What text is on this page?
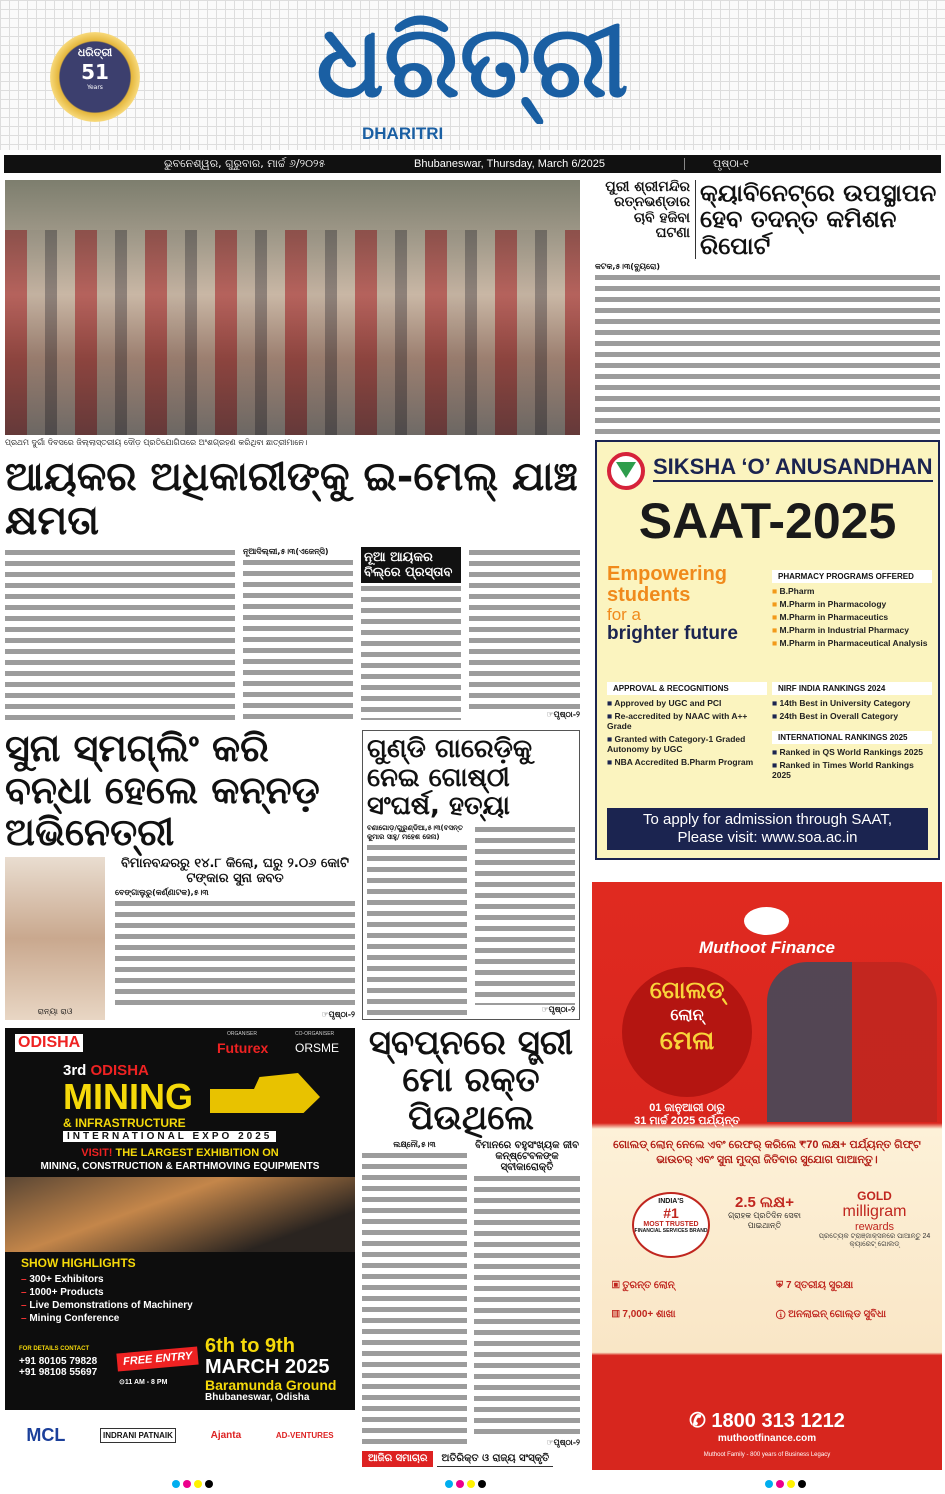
ଧରିତ୍ରୀ
51
Years	ଧରିତ୍ରୀ
DHARITRI
ଭୁବନେଶ୍ୱର, ଗୁରୁବାର, ମାର୍ଚ୍ଚ ୬/୨୦୨୫	Bhubaneswar, Thursday, March 6/2025	ପୃଷ୍ଠା-୧
ପ୍ରଥମ ଦୁର୍ଗା ଦିବସରେ ଜିଲ୍ଲାସ୍ତରୀୟ ଦୌଡ଼ ପ୍ରତିଯୋଗିତାରେ ଅଂଶଗ୍ରହଣ କରିଥିବା ଛାତ୍ରୀମାନେ।
ପୁରୀ ଶ୍ରୀମନ୍ଦିର ରତ୍ନଭଣ୍ଡାର ଚାବି ହଜିବା ଘଟଣା
କ୍ୟାବିନେଟ୍‌ରେ ଉପସ୍ଥାପନ ହେବ ତଦନ୍ତ କମିଶନ ରିପୋର୍ଟ
କଟକ,୫।୩(ବ୍ୟୁରୋ)
ଆୟକର ଅଧିକାରୀଙ୍କୁ ଇ-ମେଲ୍ ଯାଞ୍ଚ କ୍ଷମତା
ନୂଆଦିଲ୍ଲୀ,୫।୩(ଏଜେନ୍ସି)	ନୂଆ ଆୟକର ବିଲ୍‌ରେ ପ୍ରସ୍ତାବ
☞ପୃଷ୍ଠା-୨
ସୁନା ସ୍ମଗ୍‌ଲିଂ କରି ବନ୍ଧା ହେଲେ କନ୍ନଡ଼ ଅଭିନେତ୍ରୀ
ରାନ୍ୟା ରାଓ
ବିମାନବନ୍ଦରରୁ ୧୪.୮ କିଲୋ, ଘରୁ ୨.୦୬ କୋଟି ଟଙ୍କାର ସୁନା ଜବତ
ବେଙ୍ଗାଲୁରୁ(କର୍ଣ୍ଣାଟକ),୫।୩
☞ପୃଷ୍ଠା-୨
ଗୁଣ୍ଡି ଗାରେଡ଼ିକୁ ନେଇ ଗୋଷ୍ଠୀ ସଂଘର୍ଷ, ହତ୍ୟା
ବଣାଗୋଡ଼/ଗୁରୁଣ୍ଡିଆ,୫।୩(ବସନ୍ତ କୁମାର ସାହୁ/ ମହେଶ ଜେନା)
☞ପୃଷ୍ଠା-୨
SIKSHA ‘O’ ANUSANDHAN
SAAT-2025
Empowering
students
for a
brighter future
PHARMACY PROGRAMS OFFERED
■ B.Pharm
■ M.Pharm in Pharmacology
■ M.Pharm in Pharmaceutics
■ M.Pharm in Industrial Pharmacy
■ M.Pharm in Pharmaceutical Analysis
APPROVAL & RECOGNITIONS
■ Approved by UGC and PCI
■ Re-accredited by NAAC with A++ Grade
■ Granted with Category-1 Graded Autonomy by UGC
■ NBA Accredited B.Pharm Program
NIRF INDIA RANKINGS 2024
■ 14th Best in University Category
■ 24th Best in Overall Category
INTERNATIONAL RANKINGS 2025
■ Ranked in QS World Rankings 2025
■ Ranked in Times World Rankings 2025
To apply for admission through SAAT,
Please visit: www.soa.ac.in
Muthoot Finance
ଗୋଲଡ୍
ଲୋନ୍
ମେଳା
01 ଜାନୁଆରୀ ଠାରୁ
31 ମାର୍ଚ୍ଚ 2025 ପର୍ଯ୍ୟନ୍ତ
ଗୋଲଡ୍ ଲୋନ୍ ନେଲେ ଏବଂ ରେଫର୍ କରିଲେ ₹70 ଲକ୍ଷ+ ପର୍ଯ୍ୟନ୍ତ ଗିଫ୍ଟ ଭାଉଚର୍ ଏବଂ ସୁନା ମୁଦ୍ରା ଜିତିବାର ସୁଯୋଗ ପାଆନ୍ତୁ।
INDIA'S
#1
MOST TRUSTED
FINANCIAL SERVICES BRAND
2.5 ଲକ୍ଷ+
ଗ୍ରାହକ ପ୍ରତିଦିନ ସେବା ପାଇଥାନ୍ତି
GOLD
milligram
rewards
ପ୍ରତ୍ୟେକ ଟ୍ରାଞ୍ଜାକ୍ସନରେ ପାଆନ୍ତୁ 24 କ୍ୟାରେଟ୍ ଗୋଲଡ୍
▣ ତୁରନ୍ତ ଲୋନ୍	⛨ 7 ସ୍ତରୀୟ ସୁରକ୍ଷା
▥ 7,000+ ଶାଖା	ⓘ ଅନଲାଇନ୍ ଗୋଲ୍ଡ ସୁବିଧା
✆ 1800 313 1212
muthootfinance.com
Muthoot Family - 800 years of Business Legacy
ODISHA	ORGANISER
Futurex
CO-ORGANISER
ORSME
3rd ODISHA
MINING
& INFRASTRUCTURE
INTERNATIONAL EXPO 2025
VISIT! THE LARGEST EXHIBITION ON
MINING, CONSTRUCTION & EARTHMOVING EQUIPMENTS
SHOW HIGHLIGHTS
– 300+ Exhibitors
– 1000+ Products
– Live Demonstrations of Machinery
– Mining Conference
FOR DETAILS CONTACT
+91 80105 79828
+91 98108 55697
FREE ENTRY
⊙11 AM - 8 PM
6th to 9th
MARCH 2025
Baramunda Ground
Bhubaneswar, Odisha
MCL	INDRANI PATNAIK	Ajanta	AD-VENTURES
ସ୍ବପ୍ନରେ ସ୍ତ୍ରୀ ମୋ ରକ୍ତ ପିଉଥିଲେ
ଲକ୍ଷ୍ନୌ,୫।୩	ବିମାନରେ ବହୁସଂଖ୍ୟକ ଜୀବ କନ୍‌ଷ୍ଟେବଳଙ୍କ ସ୍ବୀକାରୋକ୍ତି
☞ପୃଷ୍ଠା-୨
ଆଜିର ସମାଚାର	ଅତିରିକ୍ତ ଓ ରାଜ୍ୟ ସଂସ୍କୃତି
